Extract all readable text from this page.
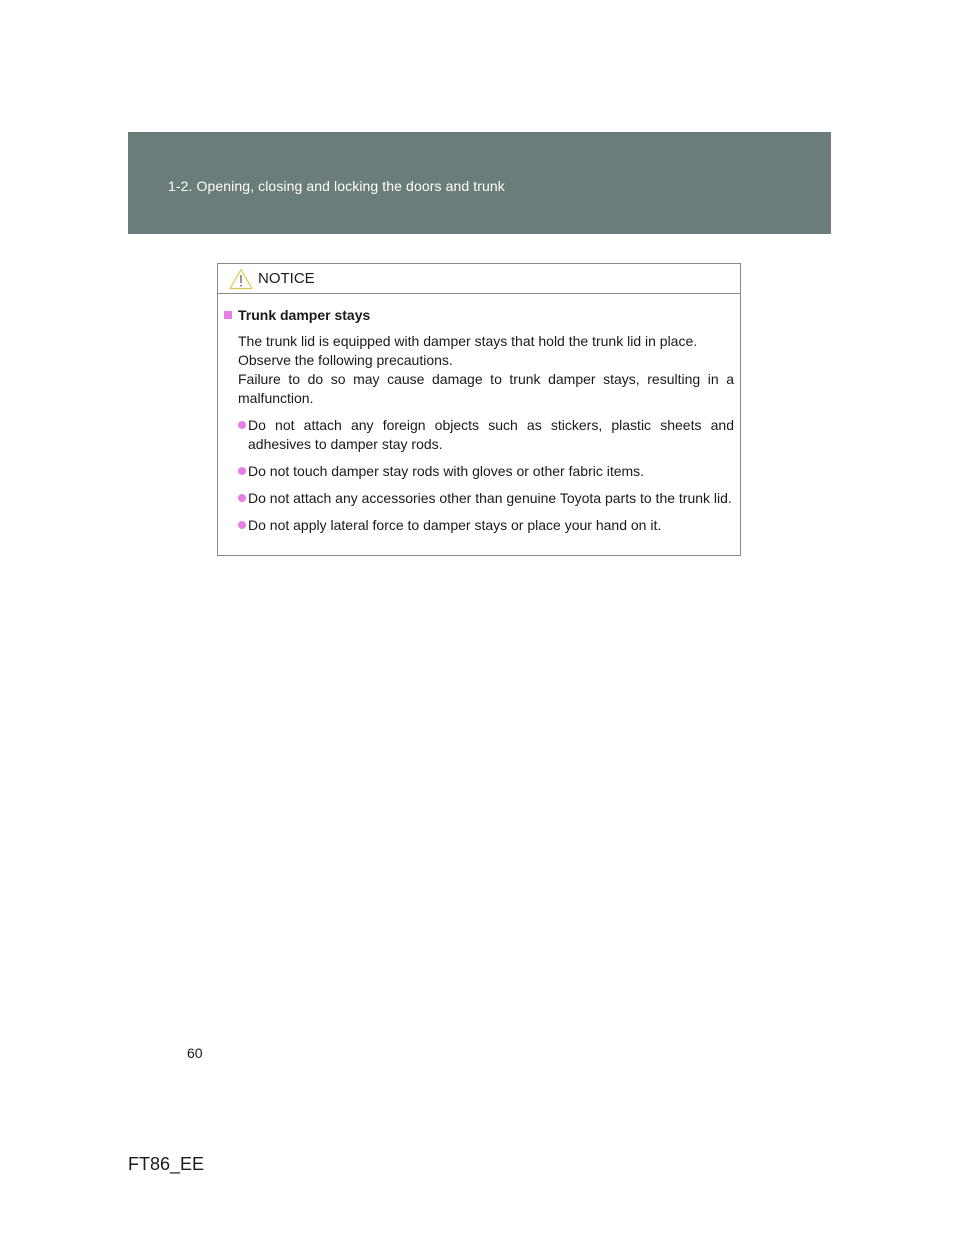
1-2. Opening, closing and locking the doors and trunk
NOTICE
Trunk damper stays

The trunk lid is equipped with damper stays that hold the trunk lid in place.
Observe the following precautions.
Failure to do so may cause damage to trunk damper stays, resulting in a malfunction.

Do not attach any foreign objects such as stickers, plastic sheets and adhesives to damper stay rods.

Do not touch damper stay rods with gloves or other fabric items.

Do not attach any accessories other than genuine Toyota parts to the trunk lid.

Do not apply lateral force to damper stays or place your hand on it.

60
FT86_EE
